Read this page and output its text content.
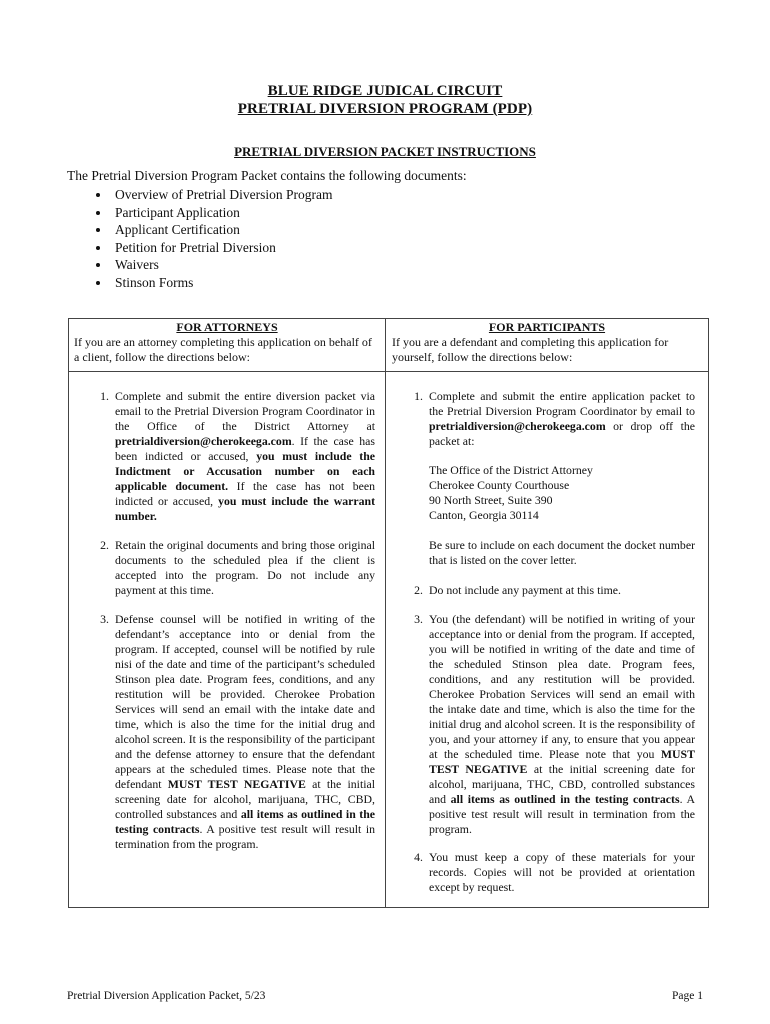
BLUE RIDGE JUDICAL CIRCUIT
PRETRIAL DIVERSION PROGRAM (PDP)
PRETRIAL DIVERSION PACKET INSTRUCTIONS
The Pretrial Diversion Program Packet contains the following documents:
• Overview of Pretrial Diversion Program
• Participant Application
• Applicant Certification
• Petition for Pretrial Diversion
• Waivers
• Stinson Forms
FOR ATTORNEYS
If you are an attorney completing this application on behalf of a client, follow the directions below:
FOR PARTICIPANTS
If you are a defendant and completing this application for yourself, follow the directions below:
1. Complete and submit the entire diversion packet via email to the Pretrial Diversion Program Coordinator in the Office of the District Attorney at pretrialdiversion@cherokeega.com. If the case has been indicted or accused, you must include the Indictment or Accusation number on each applicable document. If the case has not been indicted or accused, you must include the warrant number.
2. Retain the original documents and bring those original documents to the scheduled plea if the client is accepted into the program. Do not include any payment at this time.
3. Defense counsel will be notified in writing of the defendant’s acceptance into or denial from the program. If accepted, counsel will be notified by rule nisi of the date and time of the participant’s scheduled Stinson plea date. Program fees, conditions, and any restitution will be provided. Cherokee Probation Services will send an email with the intake date and time, which is also the time for the initial drug and alcohol screen. It is the responsibility of the participant and the defense attorney to ensure that the defendant appears at the scheduled times. Please note that the defendant MUST TEST NEGATIVE at the initial screening date for alcohol, marijuana, THC, CBD, controlled substances and all items as outlined in the testing contracts. A positive test result will result in termination from the program.
1. Complete and submit the entire application packet to the Pretrial Diversion Program Coordinator by email to pretrialdiversion@cherokeega.com or drop off the packet at:
The Office of the District Attorney
Cherokee County Courthouse
90 North Street, Suite 390
Canton, Georgia 30114
Be sure to include on each document the docket number that is listed on the cover letter.
2. Do not include any payment at this time.
3. You (the defendant) will be notified in writing of your acceptance into or denial from the program. If accepted, you will be notified in writing of the date and time of the scheduled Stinson plea date. Program fees, conditions, and any restitution will be provided. Cherokee Probation Services will send an email with the intake date and time, which is also the time for the initial drug and alcohol screen. It is the responsibility of you, and your attorney if any, to ensure that you appear at the scheduled time. Please note that you MUST TEST NEGATIVE at the initial screening date for alcohol, marijuana, THC, CBD, controlled substances and all items as outlined in the testing contracts. A positive test result will result in termination from the program.
4. You must keep a copy of these materials for your records. Copies will not be provided at orientation except by request.
Pretrial Diversion Application Packet, 5/23	Page 1
